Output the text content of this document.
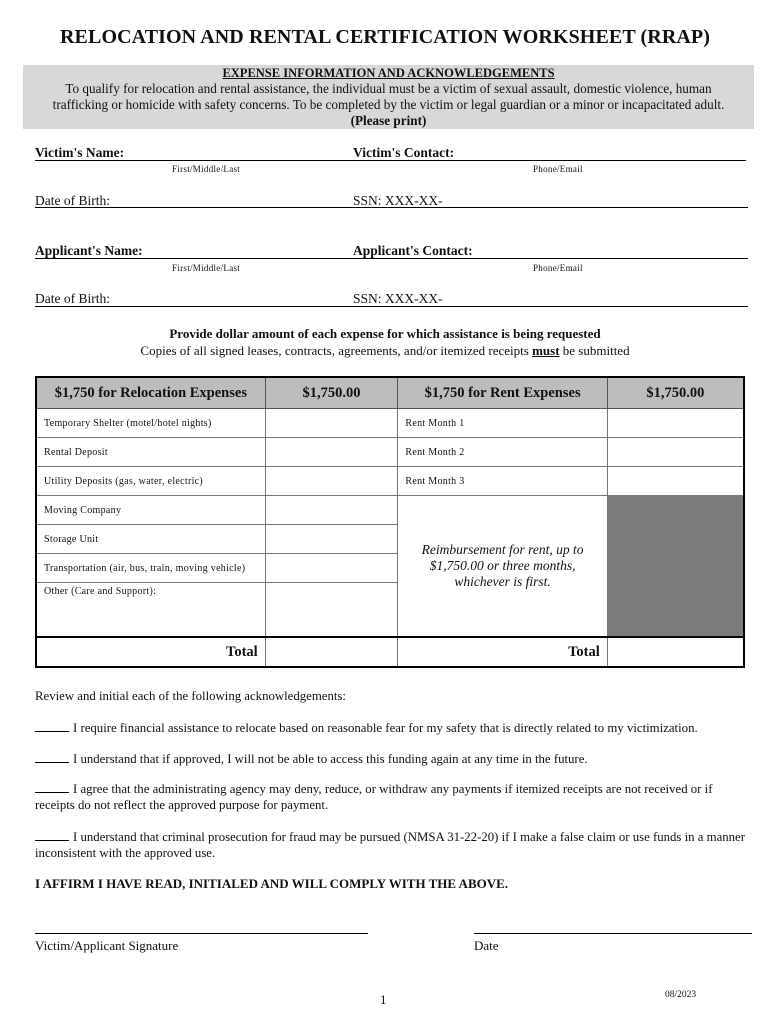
RELOCATION AND RENTAL CERTIFICATION WORKSHEET (RRAP)
EXPENSE INFORMATION AND ACKNOWLEDGEMENTS
To qualify for relocation and rental assistance, the individual must be a victim of sexual assault, domestic violence, human
trafficking or homicide with safety concerns. To be completed by the victim or legal guardian or a minor or incapacitated adult.
(Please print)
Victim's Name:
First/Middle/Last
Victim's Contact:
Phone/Email
Date of Birth:	SSN: XXX-XX-
Applicant's Name:
First/Middle/Last
Applicant's Contact:
Phone/Email
Date of Birth:	SSN: XXX-XX-
Provide dollar amount of each expense for which assistance is being requested
Copies of all signed leases, contracts, agreements, and/or itemized receipts must be submitted
$1,750 for Relocation Expenses	$1,750.00	$1,750 for Rent Expenses	$1,750.00
Temporary Shelter (motel/hotel nights)		Rent Month 1	
Rental Deposit		Rent Month 2	
Utility Deposits (gas, water, electric)		Rent Month 3	
Moving Company		Reimbursement for rent, up to $1,750.00 or three months, whichever is first.	
Storage Unit			
Transportation (air, bus, train, moving vehicle)			
Other (Care and Support):			
Total		Total	
Review and initial each of the following acknowledgements:
I require financial assistance to relocate based on reasonable fear for my safety that is directly related to my victimization.
I understand that if approved, I will not be able to access this funding again at any time in the future.
I agree that the administrating agency may deny, reduce, or withdraw any payments if itemized receipts are not received or if receipts do not reflect the approved purpose for payment.
I understand that criminal prosecution for fraud may be pursued (NMSA 31-22-20) if I make a false claim or use funds in a manner inconsistent with the approved use.
I AFFIRM I HAVE READ, INITIALED AND WILL COMPLY WITH THE ABOVE.
Victim/Applicant Signature	Date
1	08/2023
